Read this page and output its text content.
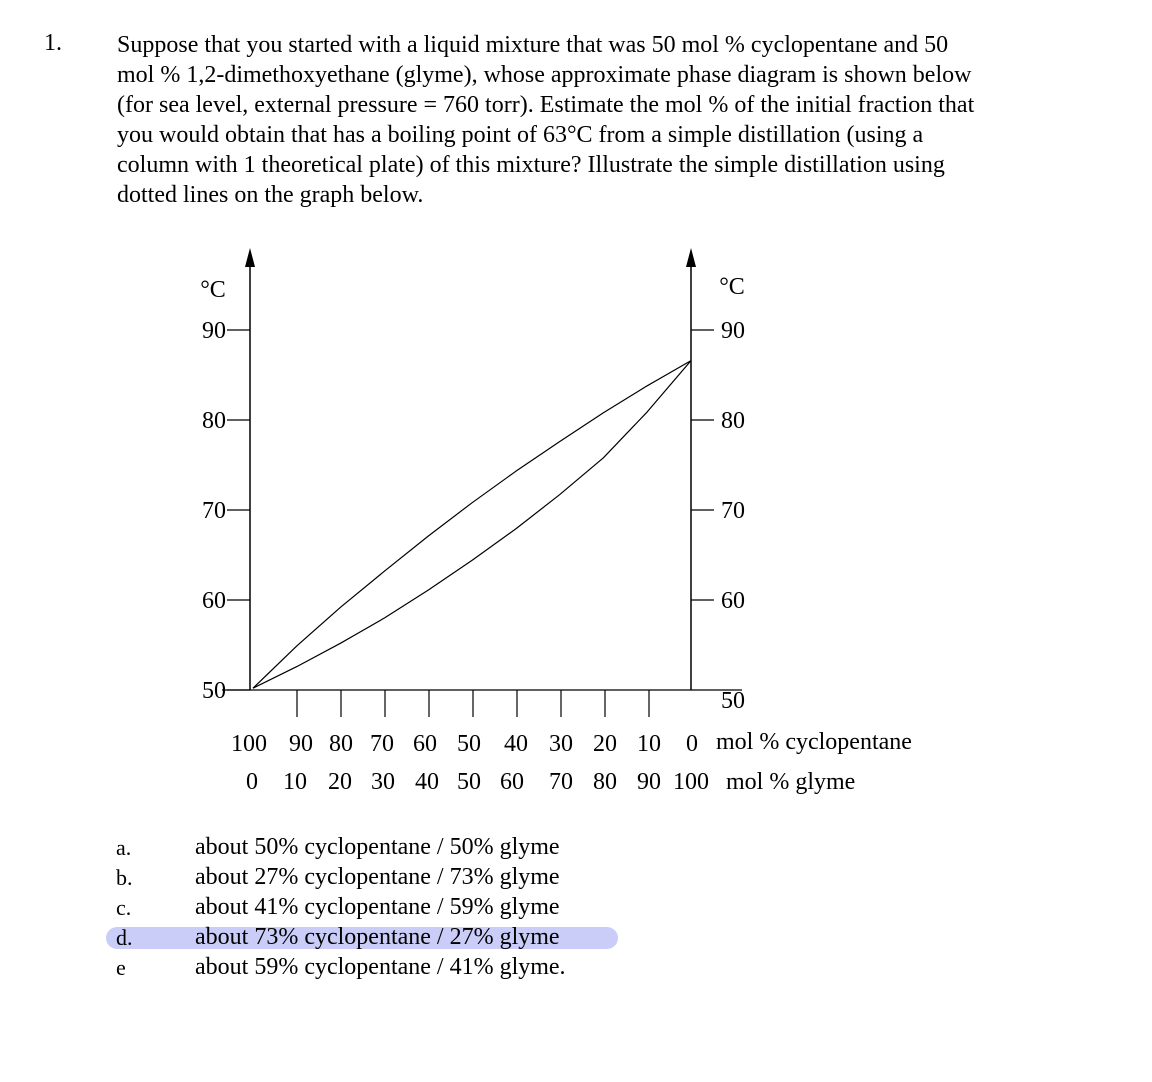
1. Suppose that you started with a liquid mixture that was 50 mol % cyclopentane and 50
mol % 1,2-dimethoxyethane (glyme), whose approximate phase diagram is shown below
(for sea level, external pressure = 760 torr). Estimate the mol % of the initial fraction that
you would obtain that has a boiling point of 63°C from a simple distillation (using a
column with 1 theoretical plate) of this mixture? Illustrate the simple distillation using
dotted lines on the graph below.
50	50
60	60
70	70
80	80
90	90
°C	°C
100 90 80 70 60 50 40 30 20 10 0
0 10 20 30 40 50 60 70 80 90 100
mol % cyclopentane
mol % glyme
a.	about 50% cyclopentane / 50% glyme
b.	about 27% cyclopentane / 73% glyme
c.	about 41% cyclopentane / 59% glyme
d.	about 73% cyclopentane / 27% glyme
e	about 59% cyclopentane / 41% glyme.
